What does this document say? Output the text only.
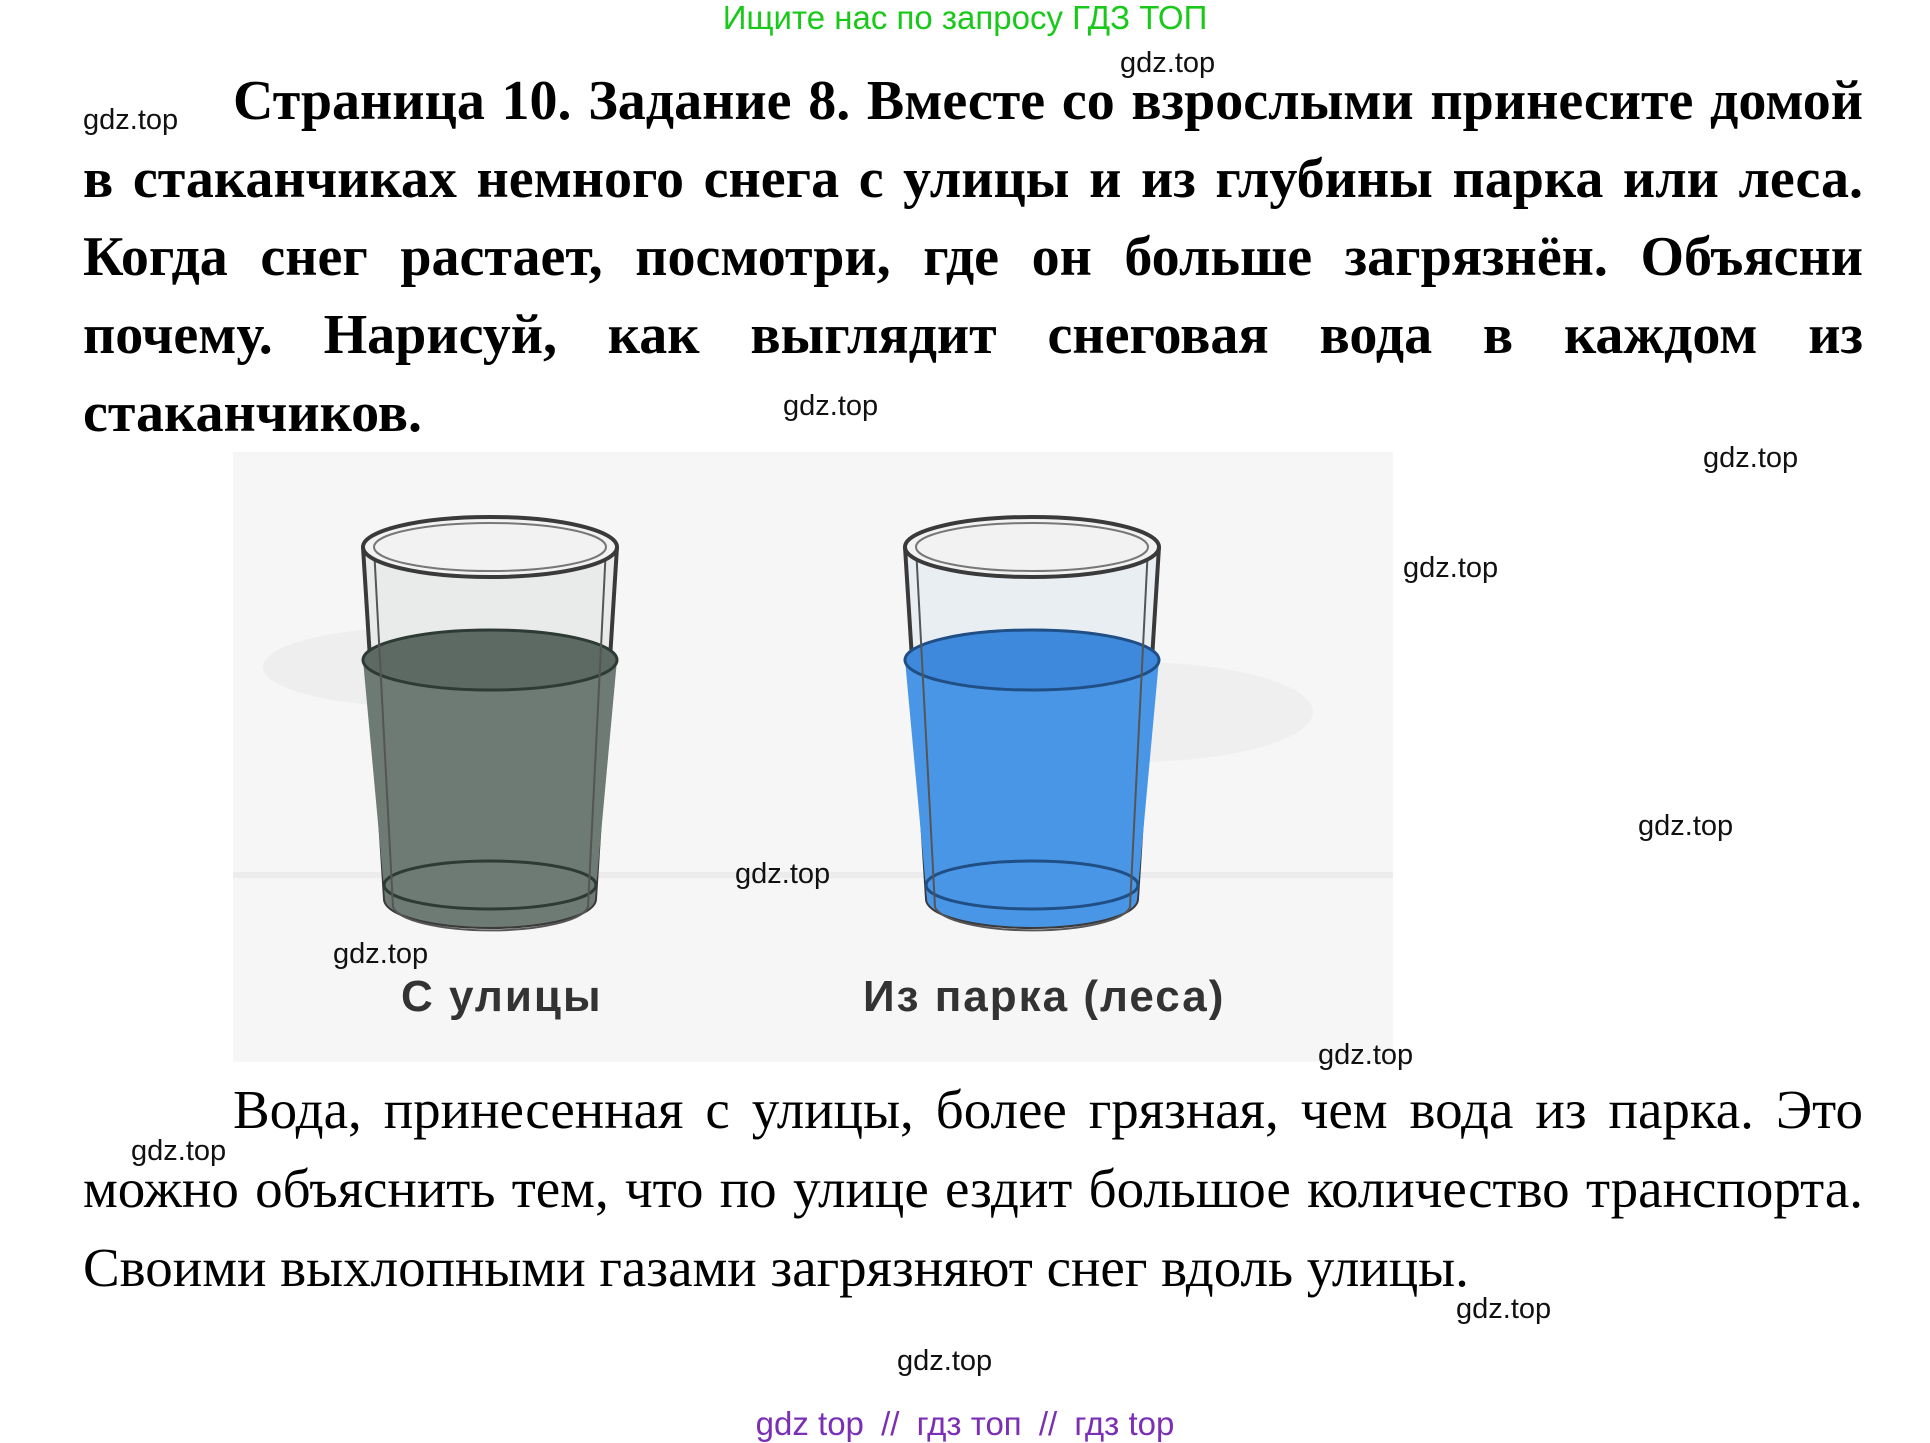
Ищите нас по запросу ГДЗ ТОП
Страница 10. Задание 8. Вместе со взрослыми принесите домой в стаканчиках немного снега с улицы и из глубины парка или леса. Когда снег растает, посмотри, где он больше загрязнён. Объясни почему. Нарисуй, как выглядит снеговая вода в каждом из стаканчиков.
С улицы	Из парка (леса)
Вода, принесенная с улицы, более грязная, чем вода из парка. Это можно объяснить тем, что по улице ездит большое количество транспорта. Своими выхлопными газами загрязняют снег вдоль улицы.
gdz.top
gdz.top
gdz.top
gdz.top
gdz.top
gdz.top
gdz.top
gdz.top
gdz.top
gdz.top
gdz.top
gdz.top
gdz top // гдз топ // гдз top
